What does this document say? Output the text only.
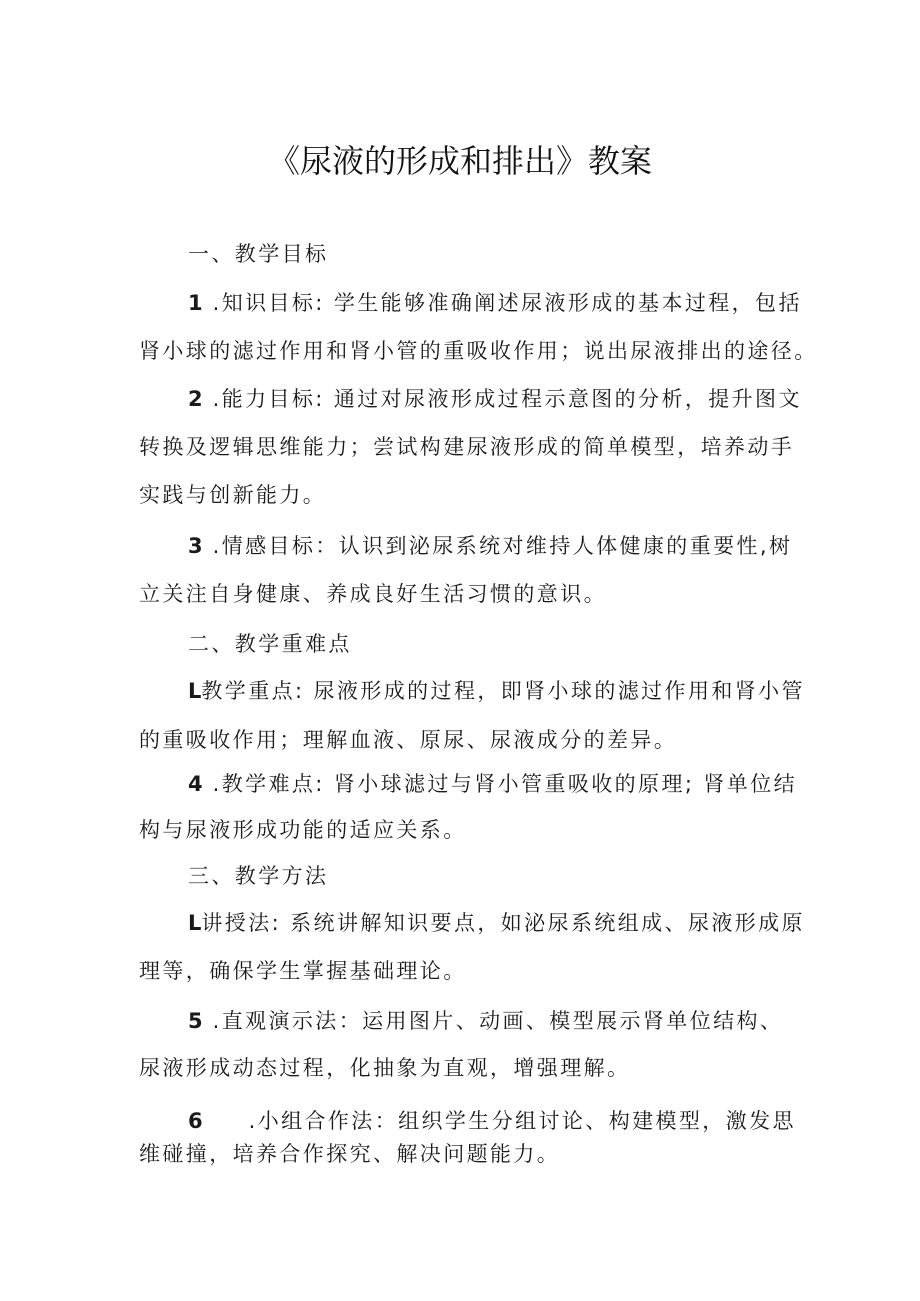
《尿液的形成和排出》教案
一、教学目标
1 .知识目标: 学生能够准确阐述尿液形成的基本过程，包括
肾小球的滤过作用和肾小管的重吸收作用；说出尿液排出的途径。
2 .能力目标: 通过对尿液形成过程示意图的分析，提升图文
转换及逻辑思维能力；尝试构建尿液形成的简单模型，培养动手
实践与创新能力。
3 .情感目标：认识到泌尿系统对维持人体健康的重要性,树
立关注自身健康、养成良好生活习惯的意识。
二、教学重难点
L教学重点: 尿液形成的过程，即肾小球的滤过作用和肾小管
的重吸收作用；理解血液、原尿、尿液成分的差异。
4 .教学难点: 肾小球滤过与肾小管重吸收的原理; 肾单位结
构与尿液形成功能的适应关系。
三、教学方法
L讲授法: 系统讲解知识要点，如泌尿系统组成、尿液形成原
理等，确保学生掌握基础理论。
5 .直观演示法：运用图片、动画、模型展示肾单位结构、
尿液形成动态过程，化抽象为直观，增强理解。
6 .小组合作法：组织学生分组讨论、构建模型，激发思
维碰撞，培养合作探究、解决问题能力。
